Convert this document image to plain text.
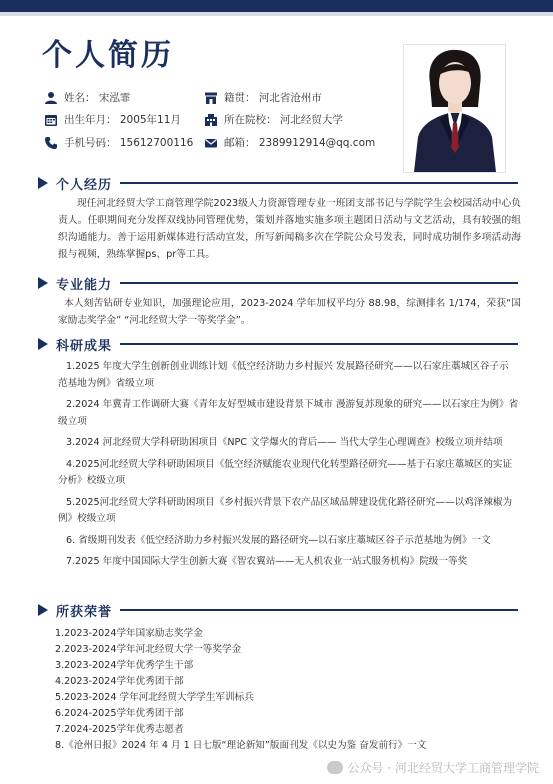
个人简历
姓名： 宋泓霏
出生年月： 2005年11月
手机号码： 15612700116
籍贯： 河北省沧州市
所在院校： 河北经贸大学
邮箱： 2389912914@qq.com
个人经历
现任河北经贸大学工商管理学院2023级人力资源管理专业一班团支部书记与学院学生会校园活动中心负责人。任职期间充分发挥双线协同管理优势，策划并落地实施多项主题团日活动与文艺活动，具有较强的组织沟通能力。善于运用新媒体进行活动宣发，所写新闻稿多次在学院公众号发表，同时成功制作多项活动海报与视频，熟练掌握ps、pr等工具。
专业能力
本人刻苦钻研专业知识，加强理论应用，2023-2024 学年加权平均分 88.98，综测排名 1/174，荣获“国家励志奖学金” “河北经贸大学一等奖学金”。
科研成果
1.2025 年度大学生创新创业训练计划《低空经济助力乡村振兴 发展路径研究——以石家庄藁城区谷子示 范基地为例》省级立项
2.2024 年冀青工作调研大赛《青年友好型城市建设背景下城市 漫游复苏现象的研究——以石家庄为例》省级立项
3.2024 河北经贸大学科研助困项目《NPC 文学爆火的背后—— 当代大学生心理调查》校级立项并结项
4.2025河北经贸大学科研助困项目《低空经济赋能农业现代化转型路径研究——基于石家庄藁城区的实证分析》校级立项
5.2025河北经贸大学科研助困项目《乡村振兴背景下农产品区域品牌建设优化路径研究——以鸡泽辣椒为例》校级立项
6. 省级期刊发表《低空经济助力乡村振兴发展的路径研究—以石家庄藁城区谷子示范基地为例》一文
7.2025 年度中国国际大学生创新大赛《智农翼站——无人机农业一站式服务机构》院级一等奖
所获荣誉
1.2023-2024学年国家励志奖学金
2.2023-2024学年河北经贸大学一等奖学金
3.2023-2024学年优秀学生干部
4.2023-2024学年优秀团干部
5.2023-2024 学年河北经贸大学学生军训标兵
6.2024-2025学年优秀团干部
7.2024-2025学年优秀志愿者
8.《沧州日报》2024 年 4 月 1 日七版“理论新知”版面刊发《以史为鉴 奋发前行》一文
公众号 · 河北经贸大学工商管理学院
